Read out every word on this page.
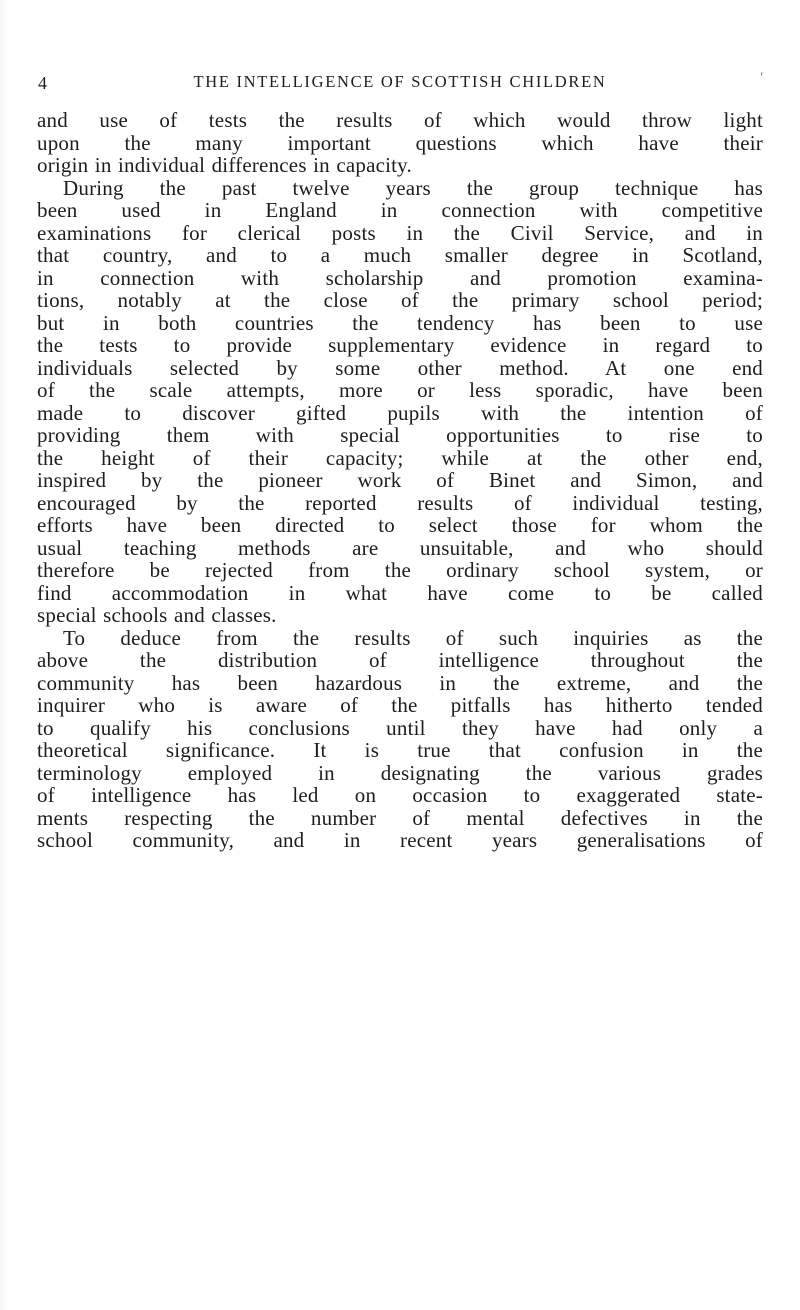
4	THE INTELLIGENCE OF SCOTTISH CHILDREN	'

and use of tests the results of which would throw light
upon the many important questions which have their
origin in individual differences in capacity.

During the past twelve years the group technique has
been used in England in connection with competitive
examinations for clerical posts in the Civil Service, and in
that country, and to a much smaller degree in Scotland,
in connection with scholarship and promotion examina-
tions, notably at the close of the primary school period;
but in both countries the tendency has been to use
the tests to provide supplementary evidence in regard to
individuals selected by some other method. At one end
of the scale attempts, more or less sporadic, have been
made to discover gifted pupils with the intention of
providing them with special opportunities to rise to
the height of their capacity; while at the other end,
inspired by the pioneer work of Binet and Simon, and
encouraged by the reported results of individual testing,
efforts have been directed to select those for whom the
usual teaching methods are unsuitable, and who should
therefore be rejected from the ordinary school system, or
find accommodation in what have come to be called
special schools and classes.

To deduce from the results of such inquiries as the
above the distribution of intelligence throughout the
community has been hazardous in the extreme, and the
inquirer who is aware of the pitfalls has hitherto tended
to qualify his conclusions until they have had only a
theoretical significance. It is true that confusion in the
terminology employed in designating the various grades
of intelligence has led on occasion to exaggerated state-
ments respecting the number of mental defectives in the
school community, and in recent years generalisations of
